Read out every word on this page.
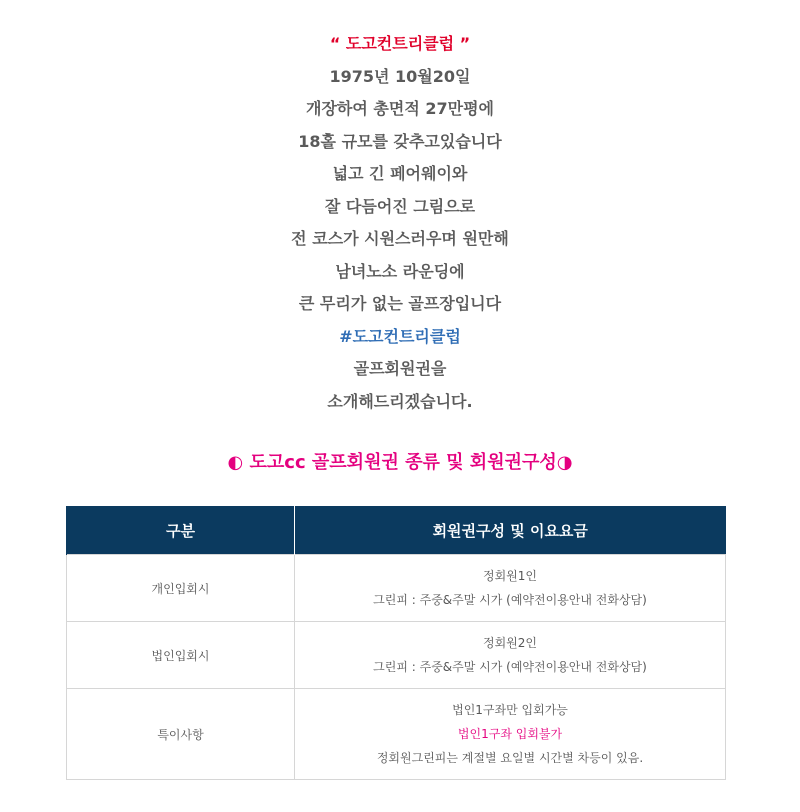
“ 도고컨트리클럽 ”
1975년 10월20일
개장하여 총면적 27만평에
18홀 규모를 갖추고있습니다
넓고 긴 페어웨이와
잘 다듬어진 그림으로
전 코스가 시원스러우며 원만해
남녀노소 라운딩에
큰 무리가 없는 골프장입니다
#도고컨트리클럽
골프회원권을
소개해드리겠습니다.
◐ 도고cc 골프회원권 종류 및 회원권구성◑
구분	회원권구성 및 이요요금
개인입회시	정회원1인
그린피 : 주중&주말 시가 (예약전이용안내 전화상담)

법인입회시	정회원2인
그린피 : 주중&주말 시가 (예약전이용안내 전화상담)

특이사항	법인1구좌만 입회가능
법인1구좌 입회불가
정회원그린피는 계절별 요일별 시간별 차등이 있음.
